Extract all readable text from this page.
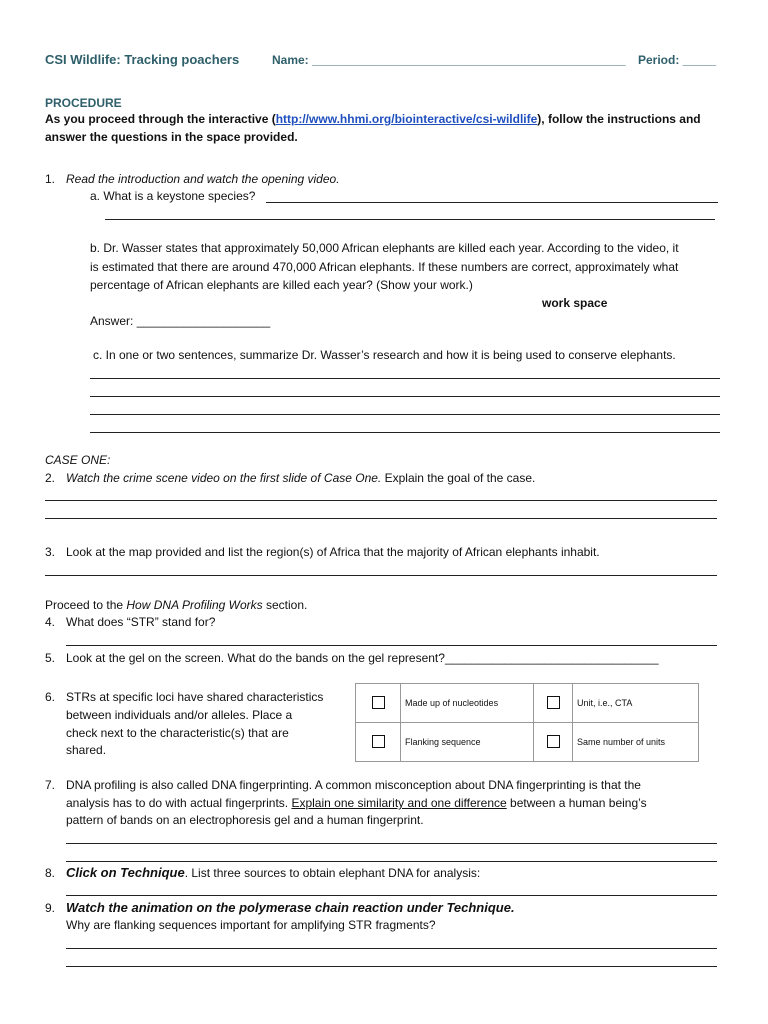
CSI Wildlife: Tracking poachers	Name: _______________________________________________ Period: _____
PROCEDURE
As you proceed through the interactive (http://www.hhmi.org/biointeractive/csi-wildlife), follow the instructions and
answer the questions in the space provided.
1. Read the introduction and watch the opening video.
a. What is a keystone species?
b. Dr. Wasser states that approximately 50,000 African elephants are killed each year. According to the video, it
is estimated that there are around 470,000 African elephants. If these numbers are correct, approximately what
percentage of African elephants are killed each year? (Show your work.)
work space
Answer: ____________________
c. In one or two sentences, summarize Dr. Wasser’s research and how it is being used to conserve elephants.
CASE ONE:
2. Watch the crime scene video on the first slide of Case One. Explain the goal of the case.
3. Look at the map provided and list the region(s) of Africa that the majority of African elephants inhabit.
Proceed to the How DNA Profiling Works section.
4. What does “STR” stand for?
5. Look at the gel on the screen. What do the bands on the gel represent?________________________________
6. STRs at specific loci have shared characteristics
between individuals and/or alleles. Place a
check next to the characteristic(s) that are
shared.
	Made up of nucleotides		Unit, i.e., CTA
	Flanking sequence		Same number of units
7. DNA profiling is also called DNA fingerprinting. A common misconception about DNA fingerprinting is that the
analysis has to do with actual fingerprints. Explain one similarity and one difference between a human being’s
pattern of bands on an electrophoresis gel and a human fingerprint.
8. Click on Technique. List three sources to obtain elephant DNA for analysis:
9. Watch the animation on the polymerase chain reaction under Technique.
Why are flanking sequences important for amplifying STR fragments?
